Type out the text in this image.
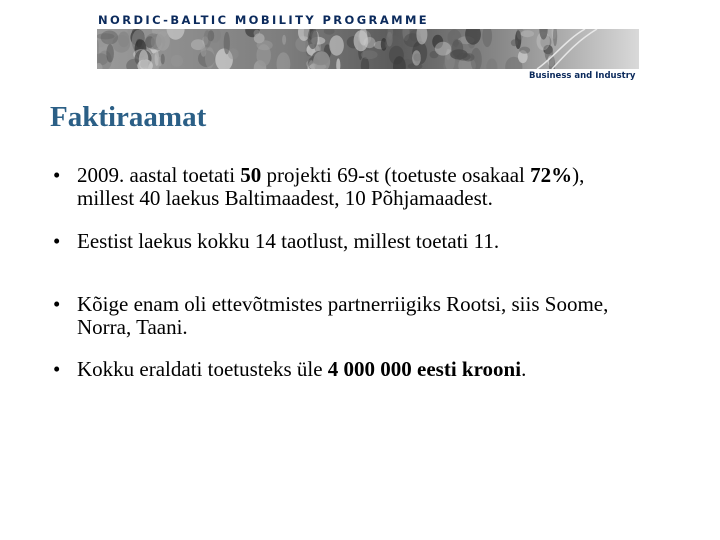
NORDIC-BALTIC MOBILITY PROGRAMME
Business and Industry
Faktiraamat
• 2009. aastal toetati 50 projekti 69-st (toetuste osakaal 72%),
millest 40 laekus Baltimaadest, 10 Põhjamaadest.
• Eestist laekus kokku 14 taotlust, millest toetati 11.
• Kõige enam oli ettevõtmistes partnerriigiks Rootsi, siis Soome,
Norra, Taani.
• Kokku eraldati toetusteks üle 4 000 000 eesti krooni.
